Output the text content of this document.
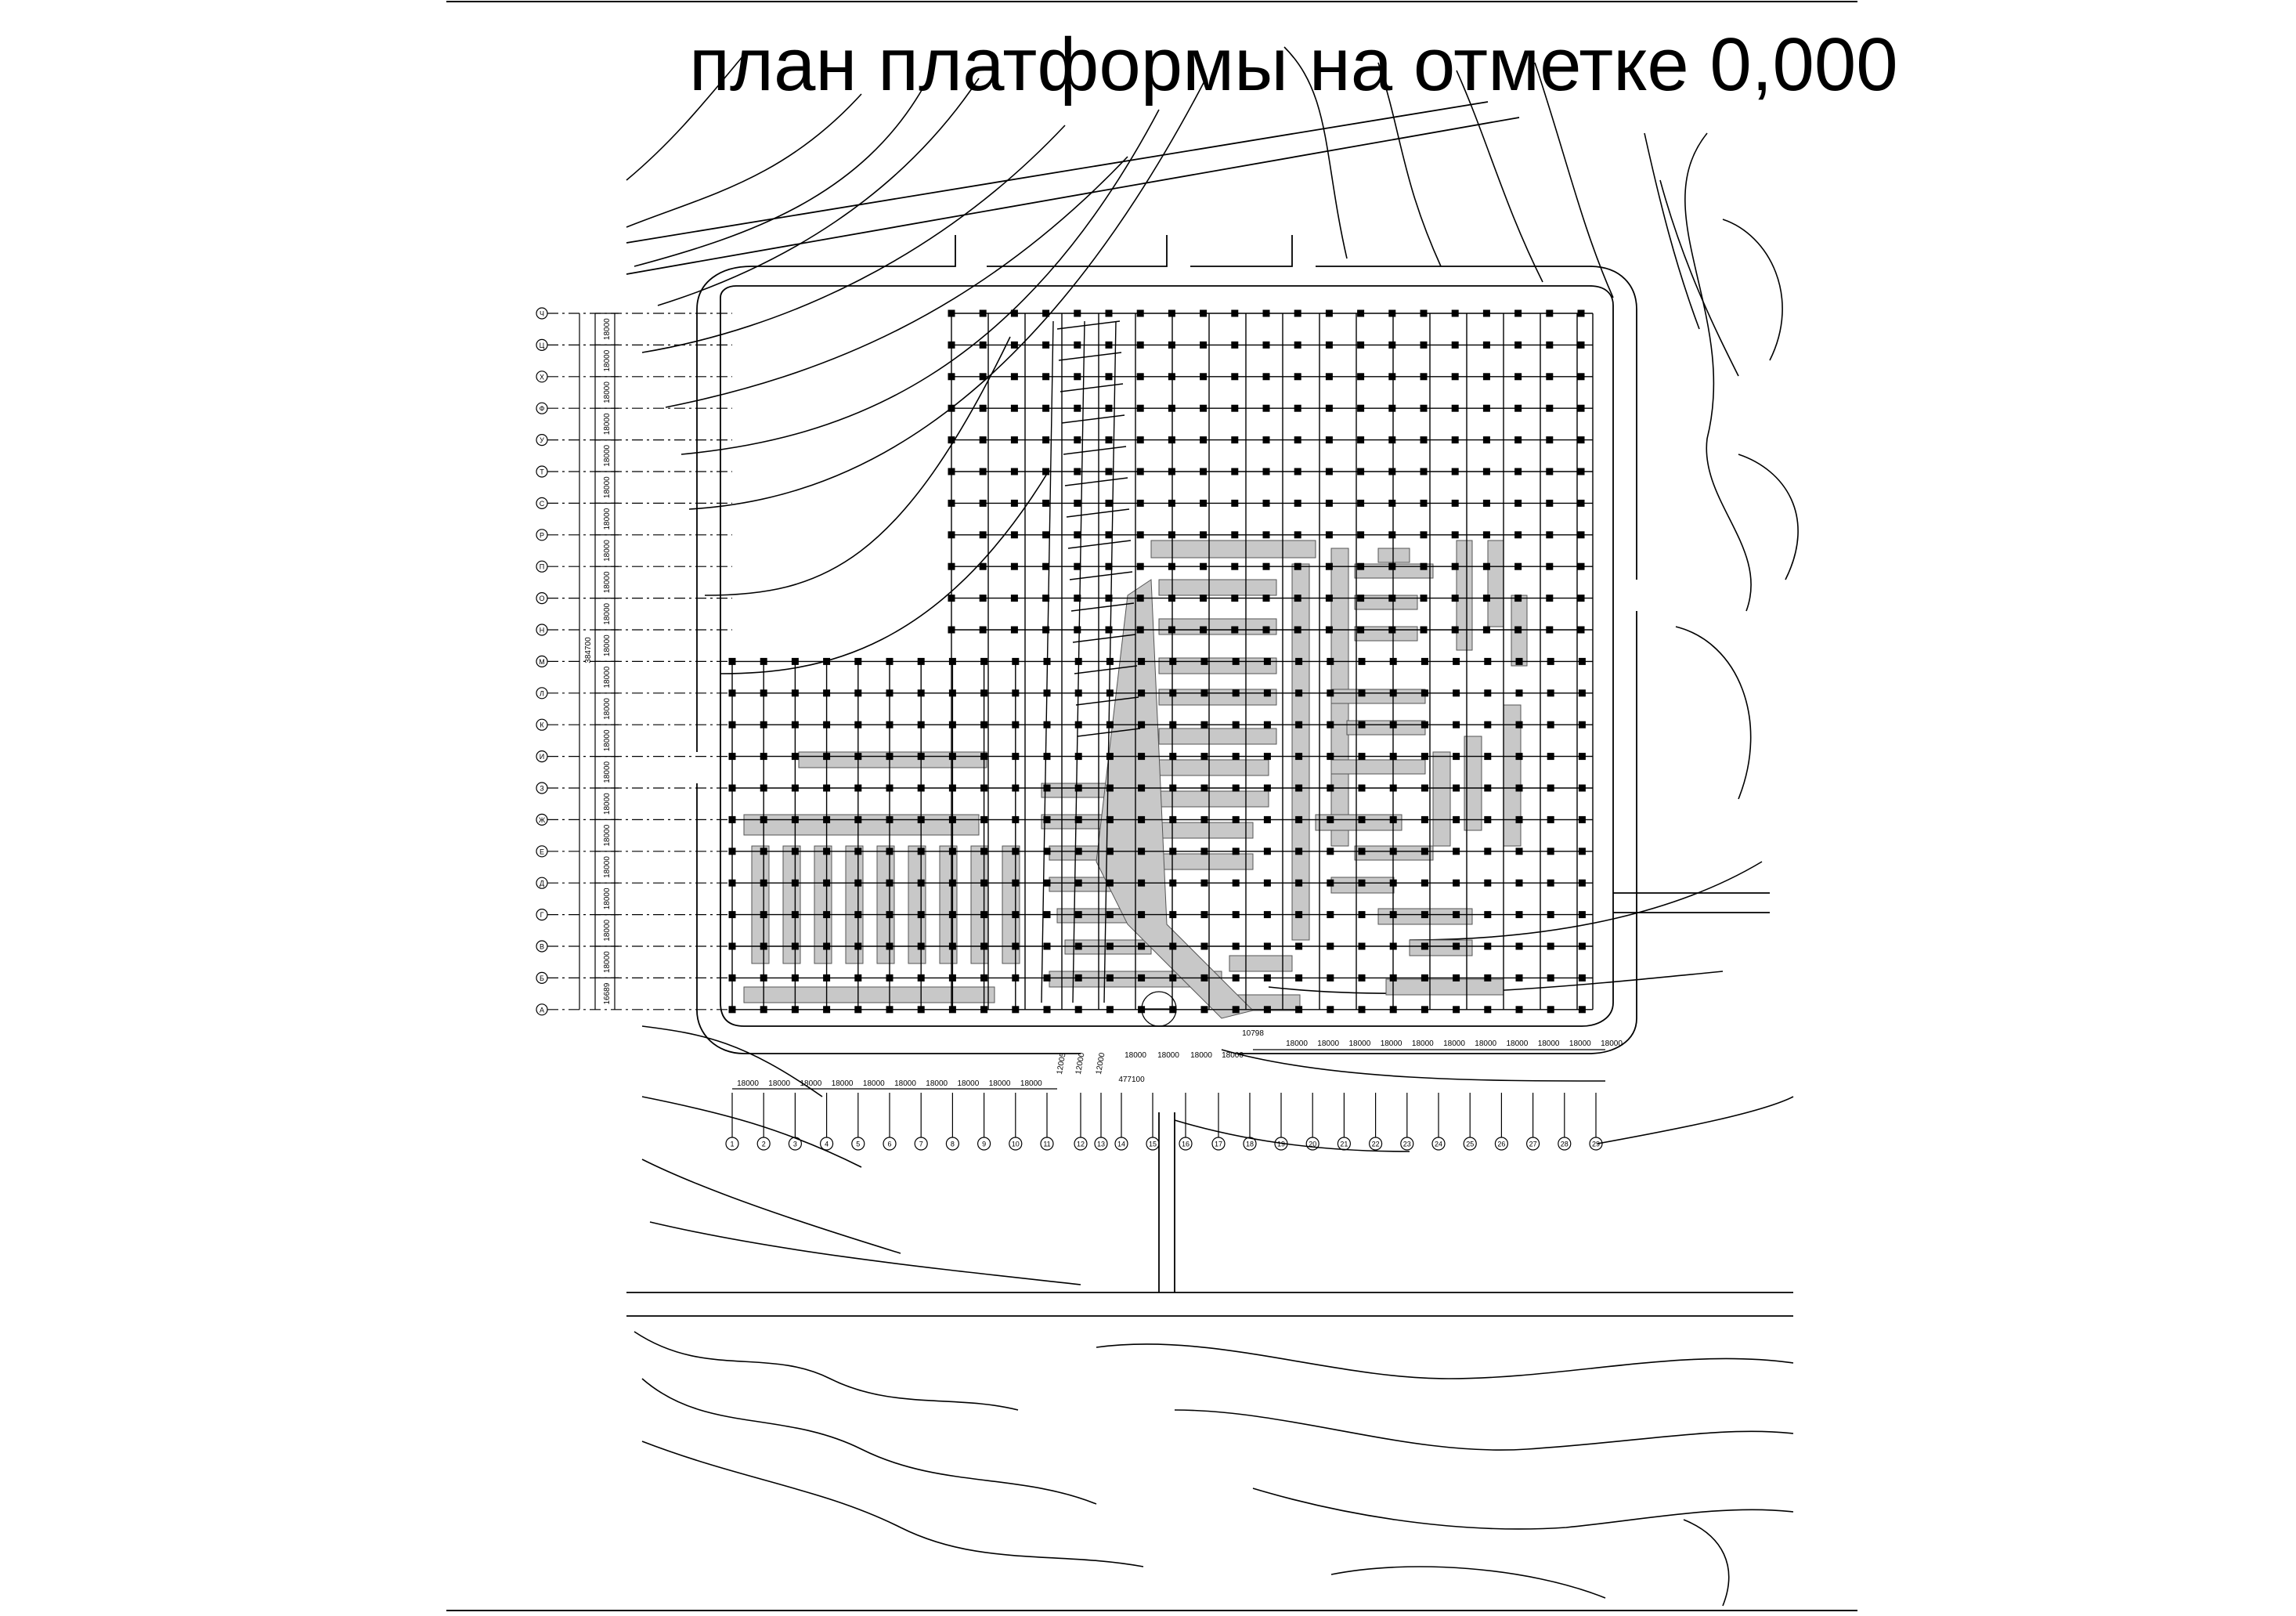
план платформы на отметке 0,000
Ч
Ц
Х
Ф
У
Т
С
Р
П
О
Н
М
Л
К
И
З
Ж
Е
Д
Г
В
Б
А
1	2	3	4	5	6	7	8	9	10	11	12 13 14	15	16	17	18	19	20	21	22	23	24	25	26	27	28	29
18000
18000
18000
18000
18000
18000
18000
18000
18000
18000
18000
18000
18000
18000
18000
18000
18000
18000
18000
18000
18000
16689
384700
18000 18000 18000 18000 18000 18000 18000 18000 18000 18000
12005 12000 12000 18000 18000 18000 18000
18000 18000 18000 18000 18000 18000 18000 18000 18000 18000 18000
477100
10798
